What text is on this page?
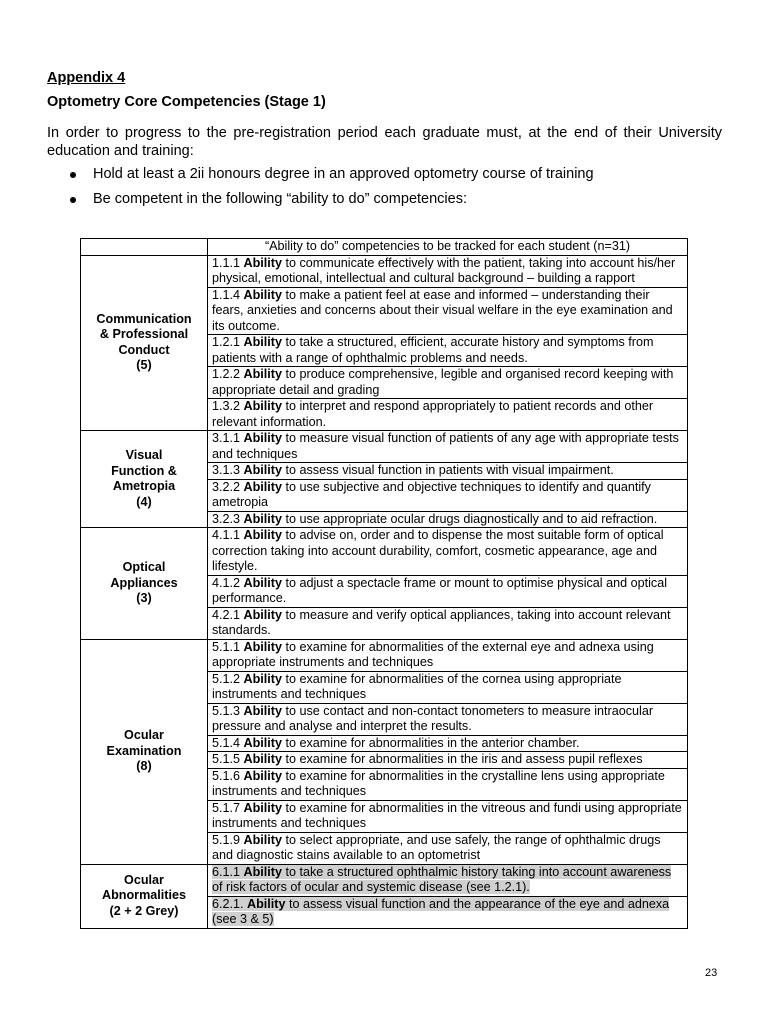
Appendix 4
Optometry Core Competencies (Stage 1)
In order to progress to the pre-registration period each graduate must, at the end of their University education and training:
Hold at least a 2ii honours degree in an approved optometry course of training
Be competent in the following “ability to do” competencies:
	“Ability to do” competencies to be tracked for each student (n=31)

Communication
& Professional
Conduct
(5)	1.1.1 Ability to communicate effectively with the patient, taking into account his/her physical, emotional, intellectual and cultural background – building a rapport
	1.1.4 Ability to make a patient feel at ease and informed – understanding their fears, anxieties and concerns about their visual welfare in the eye examination and its outcome.
	1.2.1 Ability to take a structured, efficient, accurate history and symptoms from patients with a range of ophthalmic problems and needs.
	1.2.2 Ability to produce comprehensive, legible and organised record keeping with appropriate detail and grading
	1.3.2 Ability to interpret and respond appropriately to patient records and other relevant information.

Visual
Function &
Ametropia
(4)	3.1.1 Ability to measure visual function of patients of any age with appropriate tests and techniques
	3.1.3 Ability to assess visual function in patients with visual impairment.
	3.2.2 Ability to use subjective and objective techniques to identify and quantify ametropia
	3.2.3 Ability to use appropriate ocular drugs diagnostically and to aid refraction.

Optical
Appliances
(3)	4.1.1 Ability to advise on, order and to dispense the most suitable form of optical correction taking into account durability, comfort, cosmetic appearance, age and lifestyle.
	4.1.2 Ability to adjust a spectacle frame or mount to optimise physical and optical performance.
	4.2.1 Ability to measure and verify optical appliances, taking into account relevant standards.

Ocular
Examination
(8)	5.1.1 Ability to examine for abnormalities of the external eye and adnexa using appropriate instruments and techniques
	5.1.2 Ability to examine for abnormalities of the cornea using appropriate instruments and techniques
	5.1.3 Ability to use contact and non-contact tonometers to measure intraocular pressure and analyse and interpret the results.
	5.1.4 Ability to examine for abnormalities in the anterior chamber.
	5.1.5 Ability to examine for abnormalities in the iris and assess pupil reflexes
	5.1.6 Ability to examine for abnormalities in the crystalline lens using appropriate instruments and techniques
	5.1.7 Ability to examine for abnormalities in the vitreous and fundi using appropriate instruments and techniques
	5.1.9 Ability to select appropriate, and use safely, the range of ophthalmic drugs and diagnostic stains available to an optometrist

Ocular
Abnormalities
(2 + 2 Grey)	6.1.1 Ability to take a structured ophthalmic history taking into account awareness of risk factors of ocular and systemic disease (see 1.2.1).
	6.2.1. Ability to assess visual function and the appearance of the eye and adnexa (see 3 & 5)
23
